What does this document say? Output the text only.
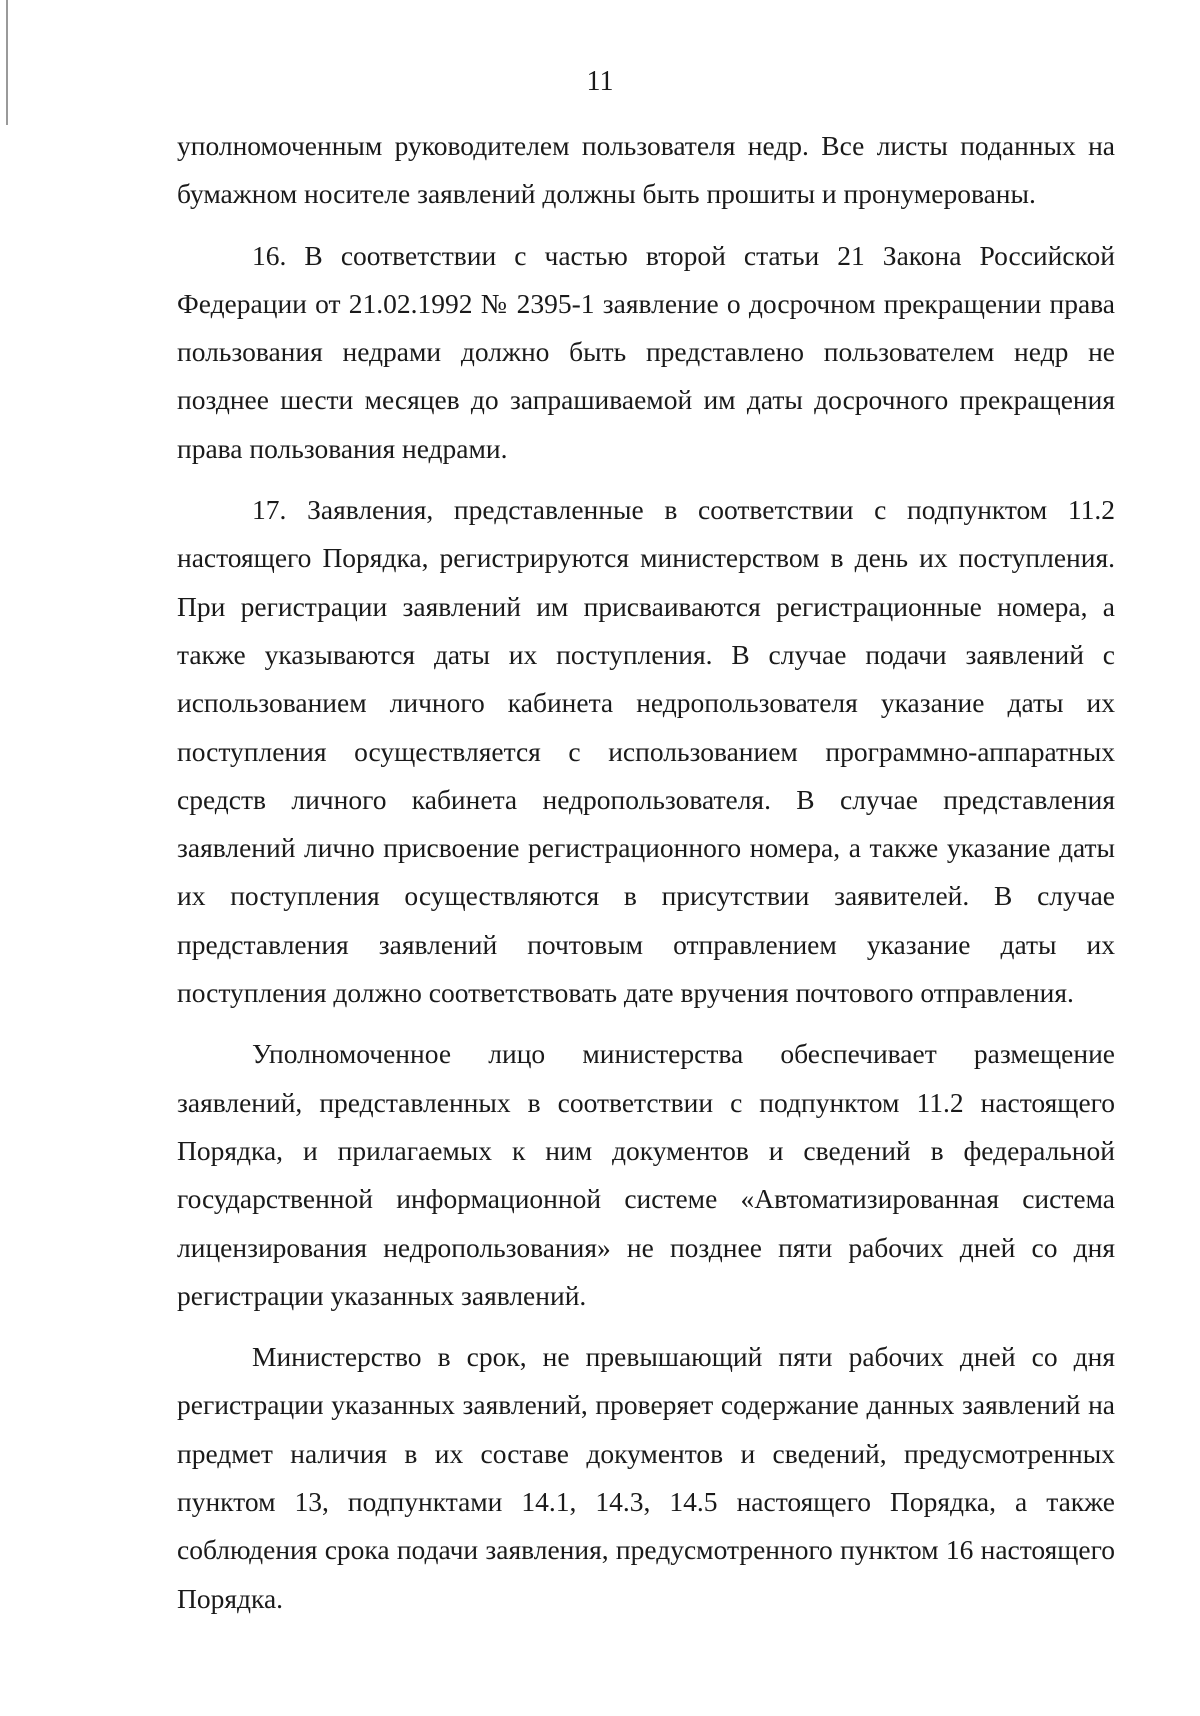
11

уполномоченным руководителем пользователя недр. Все листы поданных на бумажном носителе заявлений должны быть прошиты и пронумерованы.

16. В соответствии с частью второй статьи 21 Закона Российской Федерации от 21.02.1992 № 2395-1 заявление о досрочном прекращении права пользования недрами должно быть представлено пользователем недр не позднее шести месяцев до запрашиваемой им даты досрочного прекращения права пользования недрами.

17. Заявления, представленные в соответствии с подпунктом 11.2 настоящего Порядка, регистрируются министерством в день их поступления. При регистрации заявлений им присваиваются регистрационные номера, а также указываются даты их поступления. В случае подачи заявлений с использованием личного кабинета недропользователя указание даты их поступления осуществляется с использованием программно-аппаратных средств личного кабинета недропользователя. В случае представления заявлений лично присвоение регистрационного номера, а также указание даты их поступления осуществляются в присутствии заявителей. В случае представления заявлений почтовым отправлением указание даты их поступления должно соответствовать дате вручения почтового отправления.

Уполномоченное лицо министерства обеспечивает размещение заявлений, представленных в соответствии с подпунктом 11.2 настоящего Порядка, и прилагаемых к ним документов и сведений в федеральной государственной информационной системе «Автоматизированная система лицензирования недропользования» не позднее пяти рабочих дней со дня регистрации указанных заявлений.

Министерство в срок, не превышающий пяти рабочих дней со дня регистрации указанных заявлений, проверяет содержание данных заявлений на предмет наличия в их составе документов и сведений, предусмотренных пунктом 13, подпунктами 14.1, 14.3, 14.5 настоящего Порядка, а также соблюдения срока подачи заявления, предусмотренного пунктом 16 настоящего Порядка.
